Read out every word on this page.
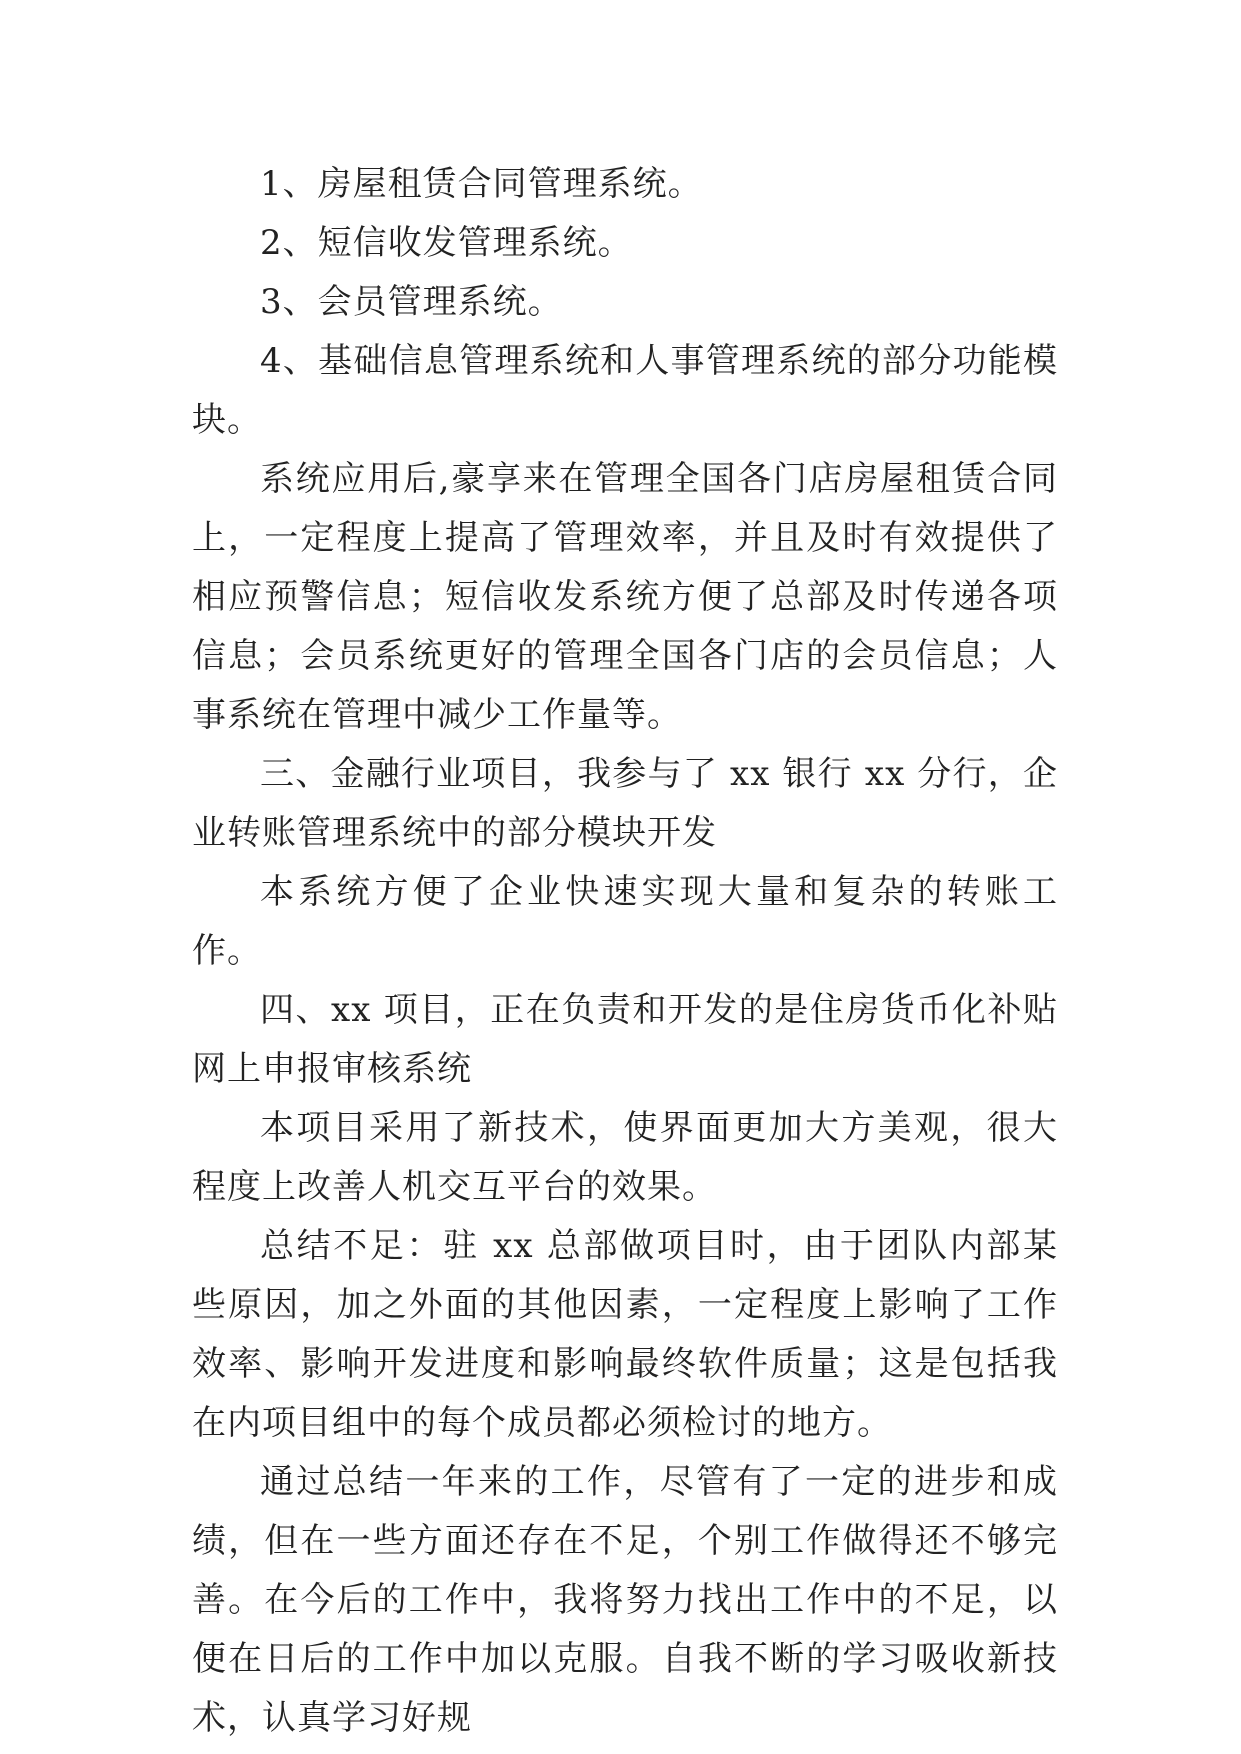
1、房屋租赁合同管理系统。

2、短信收发管理系统。

3、会员管理系统。

4、基础信息管理系统和人事管理系统的部分功能模块。

系统应用后,豪享来在管理全国各门店房屋租赁合同上，一定程度上提高了管理效率，并且及时有效提供了相应预警信息；短信收发系统方便了总部及时传递各项信息；会员系统更好的管理全国各门店的会员信息；人事系统在管理中减少工作量等。

三、金融行业项目，我参与了 xx 银行 xx 分行，企业转账管理系统中的部分模块开发

本系统方便了企业快速实现大量和复杂的转账工作。

四、xx 项目，正在负责和开发的是住房货币化补贴网上申报审核系统

本项目采用了新技术，使界面更加大方美观，很大程度上改善人机交互平台的效果。

总结不足：驻 xx 总部做项目时，由于团队内部某些原因，加之外面的其他因素，一定程度上影响了工作效率、影响开发进度和影响最终软件质量；这是包括我在内项目组中的每个成员都必须检讨的地方。

通过总结一年来的工作，尽管有了一定的进步和成绩，但在一些方面还存在不足，个别工作做得还不够完善。在今后的工作中，我将努力找出工作中的不足，以便在日后的工作中加以克服。自我不断的学习吸收新技术，认真学习好规
